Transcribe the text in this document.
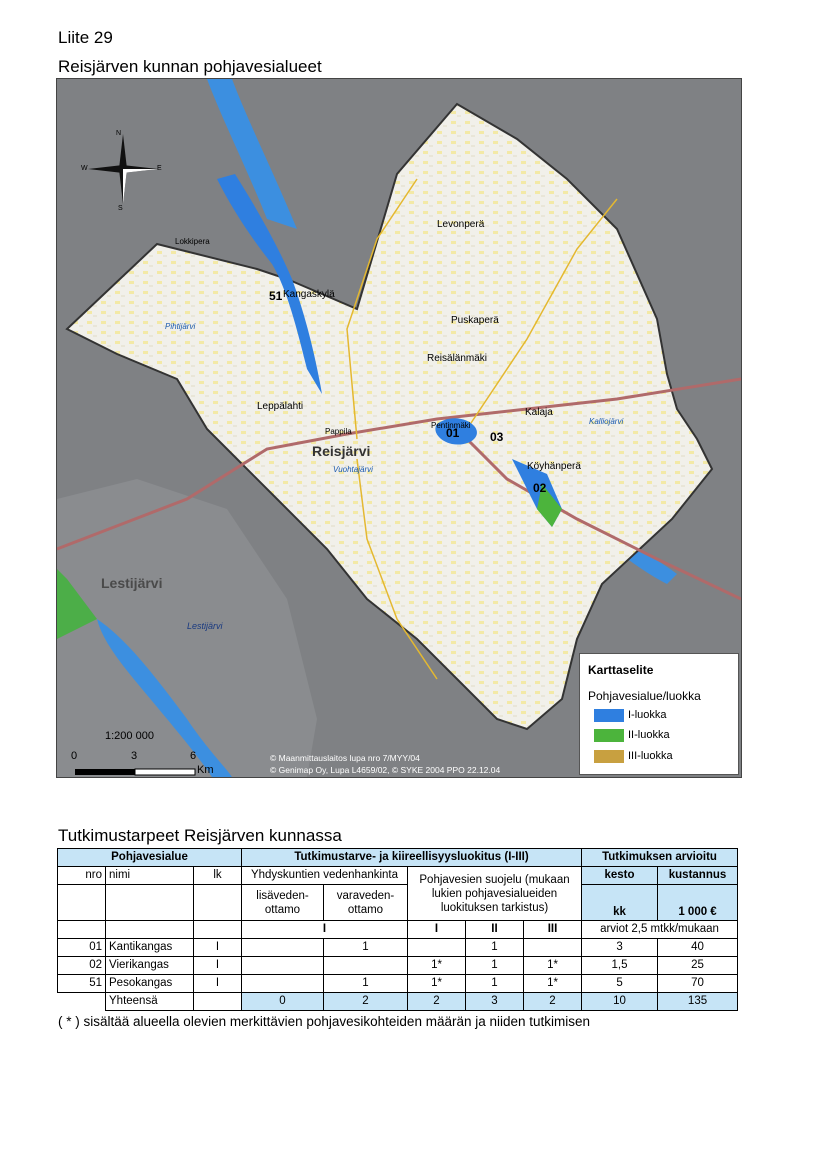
Liite 29
Reisjärven kunnan pohjavesialueet
N
S
E
W
51
01	03
02
Reisjärvi
Lestijärvi
Levonperä
Puskaperä
Reisälänmäki
Kalaja
Köyhänperä
Leppälahti
Kangaskylä
Lokkipera
Pihtijärvi
Lestijärvi
Vuohtajärvi
Pentinmäki
Pappila
Kalliojärvi
1:200 000
0	3	6
Km
© Maanmittauslaitos lupa nro 7/MYY/04
© Genimap Oy, Lupa L4659/02, © SYKE 2004 PPO 22.12.04
Karttaselite
Pohjavesialue/luokka
I-luokka
II-luokka
III-luokka
Tutkimustarpeet Reisjärven kunnassa
Pohjavesialue			Tutkimustarve- ja kiireellisyysluokitus (I-III)					Tutkimuksen arvioitu	
nro	nimi	lk	Yhdyskuntien vedenhankinta		Pohjavesien suojelu (mukaan lukien pohjavesialueiden luokituksen tarkistus)			kesto	kustannus
			lisäveden-ottamo	varaveden-ottamo				kk	1 000 €
			I		I	II	III	arviot 2,5 mtkk/mukaan	
01	Kantikangas	I		1		1		3	40
02	Vierikangas	I			1*	1	1*	1,5	25
51	Pesokangas	I		1	1*	1	1*	5	70
	Yhteensä		0	2	2	3	2	10	135
( * ) sisältää alueella olevien merkittävien pohjavesikohteiden määrän ja niiden tutkimisen
